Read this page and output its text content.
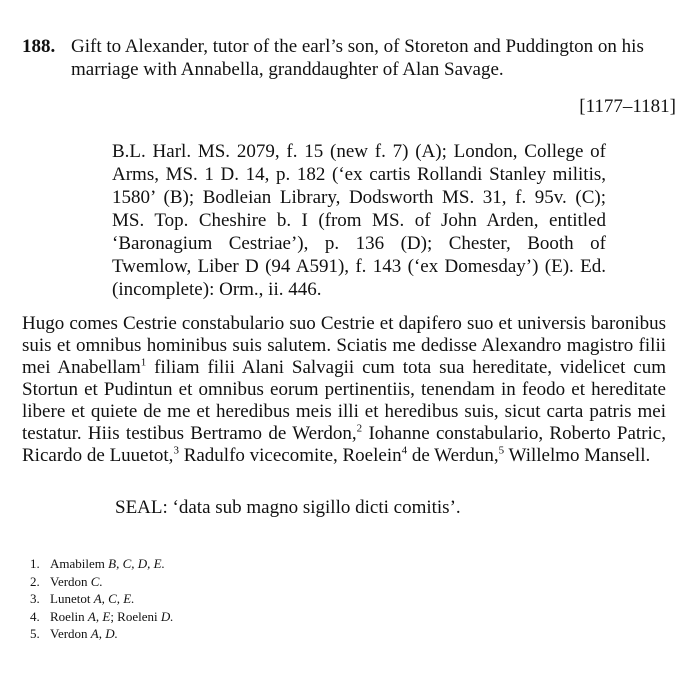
188. Gift to Alexander, tutor of the earl’s son, of Storeton and Puddington on his marriage with Annabella, granddaughter of Alan Savage.
[1177–1181]
B.L. Harl. MS. 2079, f. 15 (new f. 7) (A); London, College of Arms, MS. 1 D. 14, p. 182 (‘ex cartis Rollandi Stanley militis, 1580’ (B); Bodleian Library, Dodsworth MS. 31, f. 95v. (C); MS. Top. Cheshire b. I (from MS. of John Arden, entitled ‘Baronagium Cestriae’), p. 136 (D); Chester, Booth of Twemlow, Liber D (94 A591), f. 143 (‘ex Domesday’) (E). Ed. (incomplete): Orm., ii. 446.
Hugo comes Cestrie constabulario suo Cestrie et dapifero suo et universis baronibus suis et omnibus hominibus suis salutem. Sciatis me dedisse Alexandro magistro filii mei Anabellam$^1$ filiam filii Alani Salvagii cum tota sua hereditate, videlicet cum Stortun et Pudintun et omnibus eorum pertinentiis, tenendam in feodo et hereditate libere et quiete de me et heredibus meis illi et heredibus suis, sicut carta patris mei testatur. Hiis testibus Bertramo de Werdon,$^2$ Iohanne constabulario, Roberto Patric, Ricardo de Luuetot,$^3$ Radulfo vicecomite, Roelein$^4$ de Werdun,$^5$ Willelmo Mansell.
SEAL: ‘data sub magno sigillo dicti comitis’.
1. Amabilem B, C, D, E.
2. Verdon C.
3. Lunetot A, C, E.
4. Roelin A, E; Roeleni D.
5. Verdon A, D.
